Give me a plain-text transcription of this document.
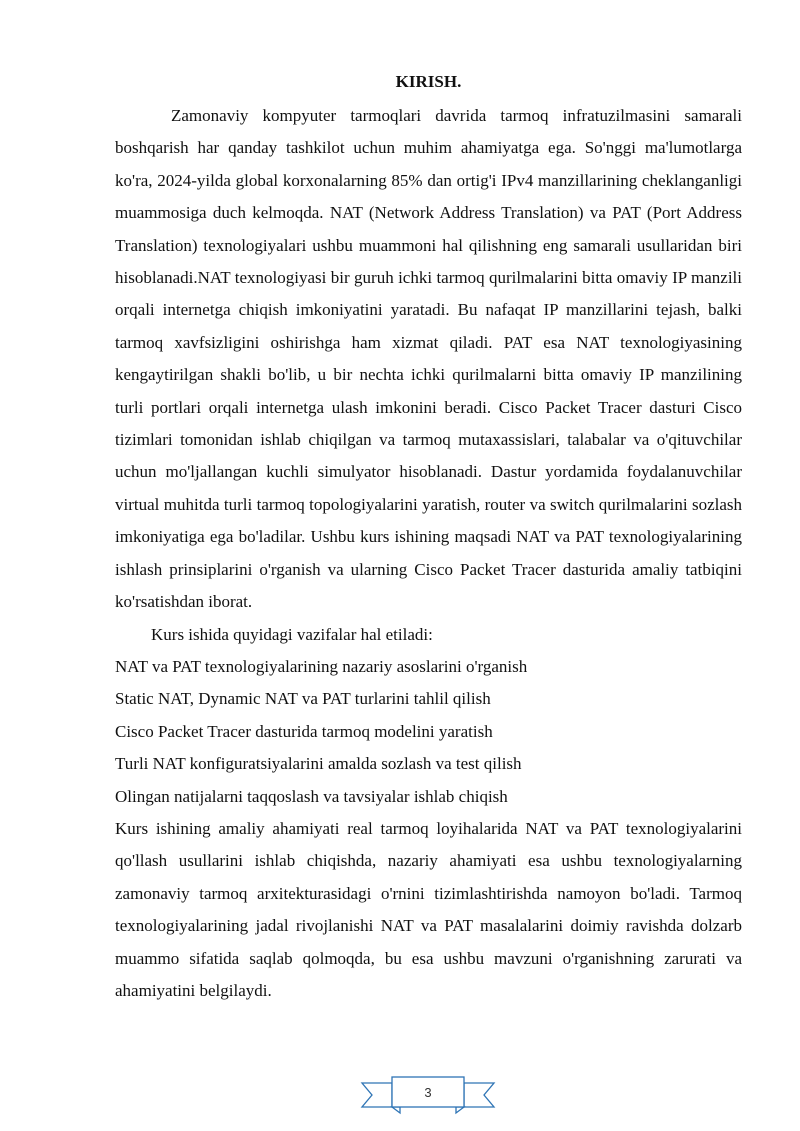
KIRISH.

Zamonaviy kompyuter tarmoqlari davrida tarmoq infratuzilmasini samarali boshqarish har qanday tashkilot uchun muhim ahamiyatga ega. So'nggi ma'lumotlarga ko'ra, 2024-yilda global korxonalarning 85% dan ortig'i IPv4 manzillarining cheklanganligi muammosiga duch kelmoqda. NAT (Network Address Translation) va PAT (Port Address Translation) texnologiyalari ushbu muammoni hal qilishning eng samarali usullaridan biri hisoblanadi.NAT texnologiyasi bir guruh ichki tarmoq qurilmalarini bitta omaviy IP manzili orqali internetga chiqish imkoniyatini yaratadi. Bu nafaqat IP manzillarini tejash, balki tarmoq xavfsizligini oshirishga ham xizmat qiladi. PAT esa NAT texnologiyasining kengaytirilgan shakli bo'lib, u bir nechta ichki qurilmalarni bitta omaviy IP manzilining turli portlari orqali internetga ulash imkonini beradi. Cisco Packet Tracer dasturi Cisco tizimlari tomonidan ishlab chiqilgan va tarmoq mutaxassislari, talabalar va o'qituvchilar uchun mo'ljallangan kuchli simulyator hisoblanadi. Dastur yordamida foydalanuvchilar virtual muhitda turli tarmoq topologiyalarini yaratish, router va switch qurilmalarini sozlash imkoniyatiga ega bo'ladilar. Ushbu kurs ishining maqsadi NAT va PAT texnologiyalarining ishlash prinsiplarini o'rganish va ularning Cisco Packet Tracer dasturida amaliy tatbiqini ko'rsatishdan iborat.

Kurs ishida quyidagi vazifalar hal etiladi:

NAT va PAT texnologiyalarining nazariy asoslarini o'rganish
Static NAT, Dynamic NAT va PAT turlarini tahlil qilish
Cisco Packet Tracer dasturida tarmoq modelini yaratish
Turli NAT konfiguratsiyalarini amalda sozlash va test qilish
Olingan natijalarni taqqoslash va tavsiyalar ishlab chiqish

Kurs ishining amaliy ahamiyati real tarmoq loyihalarida NAT va PAT texnologiyalarini qo'llash usullarini ishlab chiqishda, nazariy ahamiyati esa ushbu texnologiyalarning zamonaviy tarmoq arxitekturasidagi o'rnini tizimlashtirishda namoyon bo'ladi. Tarmoq texnologiyalarining jadal rivojlanishi NAT va PAT masalalarini doimiy ravishda dolzarb muammo sifatida saqlab qolmoqda, bu esa ushbu mavzuni o'rganishning zarurati va ahamiyatini belgilaydi.

3
